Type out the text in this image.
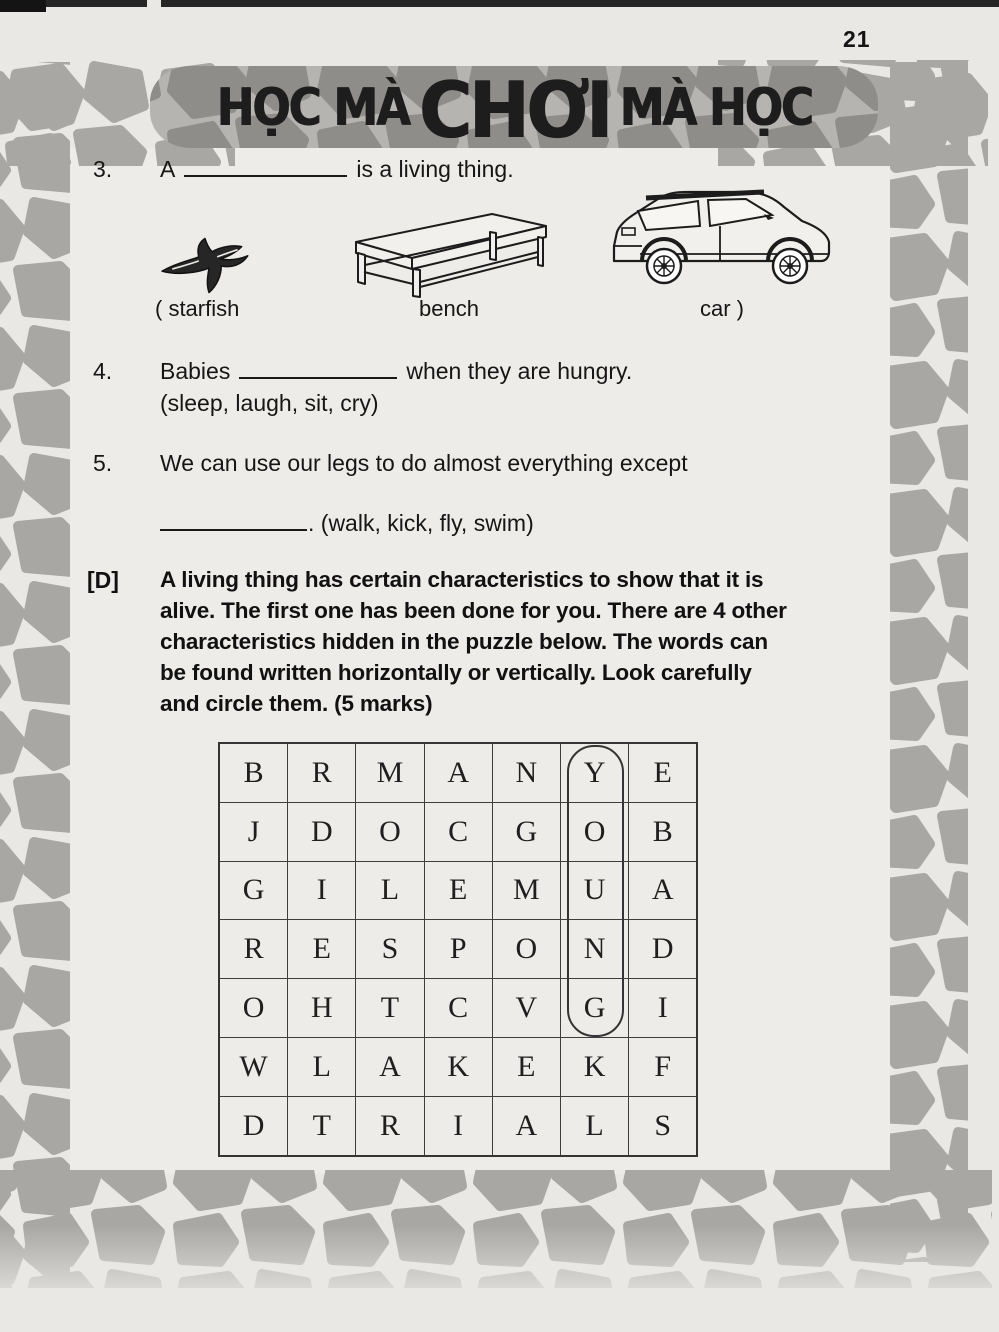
21
HỌC MÀ CHƠI MÀ HỌC
3. A	is a living thing.
( starfish	bench	car )
4. Babies	when they are hungry.
(sleep, laugh, sit, cry)
5. We can use our legs to do almost everything except
. (walk, kick, fly, swim)
[D] A living thing has certain characteristics to show that it is
alive. The first one has been done for you. There are 4 other
characteristics hidden in the puzzle below. The words can
be found written horizontally or vertically. Look carefully
and circle them. (5 marks)
B	R	M	A	N	Y	E
J	D	O	C	G	O	B
G	I	L	E	M	U	A
R	E	S	P	O	N	D
O	H	T	C	V	G	I
W	L	A	K	E	K	F
D	T	R	I	A	L	S
